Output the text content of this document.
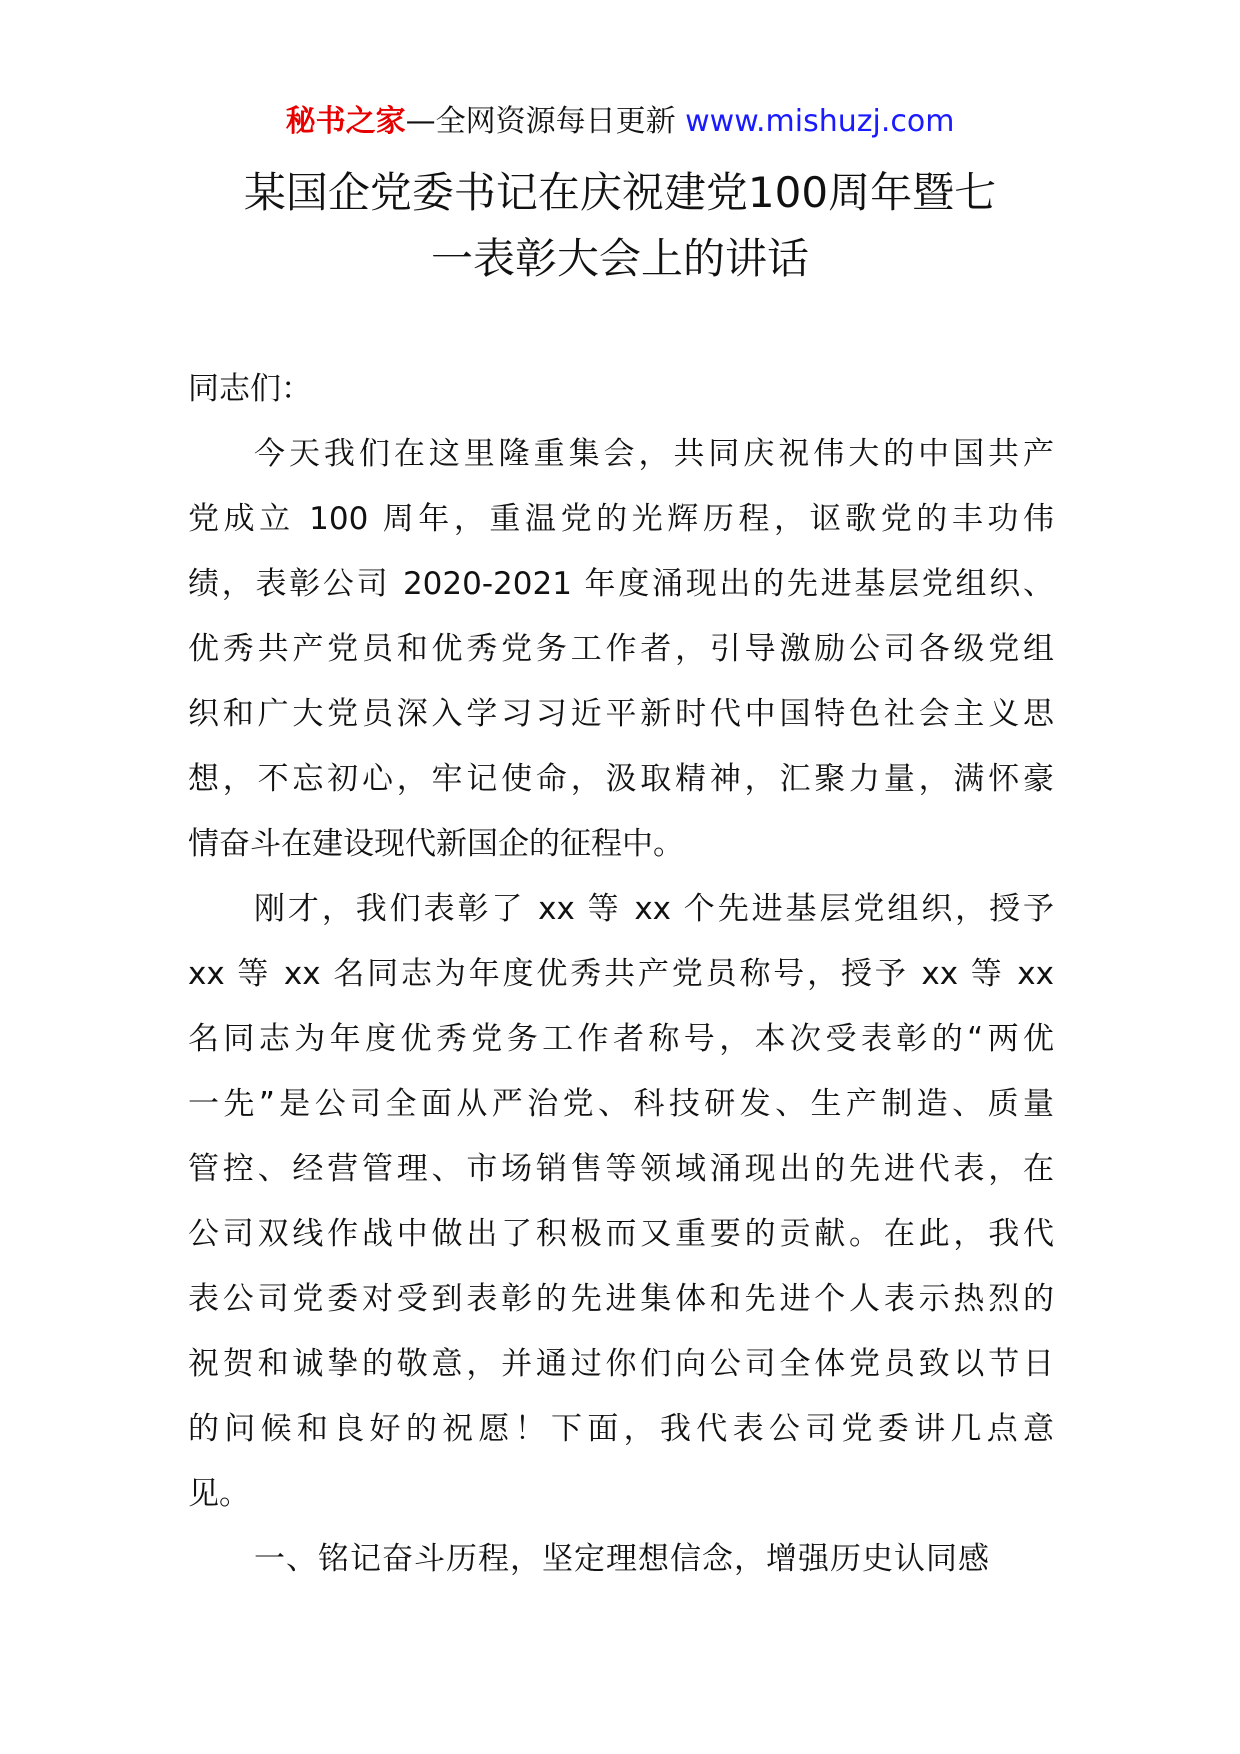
秘书之家—全网资源每日更新 www.mishuzj.com
某国企党委书记在庆祝建党100周年暨七
一表彰大会上的讲话
同志们：
今天我们在这里隆重集会，共同庆祝伟大的中国共产
党成立 100 周年，重温党的光辉历程，讴歌党的丰功伟
绩，表彰公司 2020-2021 年度涌现出的先进基层党组织、
优秀共产党员和优秀党务工作者，引导激励公司各级党组
织和广大党员深入学习习近平新时代中国特色社会主义思
想，不忘初心，牢记使命，汲取精神，汇聚力量，满怀豪
情奋斗在建设现代新国企的征程中。
刚才，我们表彰了 xx 等 xx 个先进基层党组织，授予
xx 等 xx 名同志为年度优秀共产党员称号，授予 xx 等 xx
名同志为年度优秀党务工作者称号，本次受表彰的“两优
一先”是公司全面从严治党、科技研发、生产制造、质量
管控、经营管理、市场销售等领域涌现出的先进代表，在
公司双线作战中做出了积极而又重要的贡献。在此，我代
表公司党委对受到表彰的先进集体和先进个人表示热烈的
祝贺和诚挚的敬意，并通过你们向公司全体党员致以节日
的问候和良好的祝愿！下面，我代表公司党委讲几点意
见。
一、铭记奋斗历程，坚定理想信念，增强历史认同感
